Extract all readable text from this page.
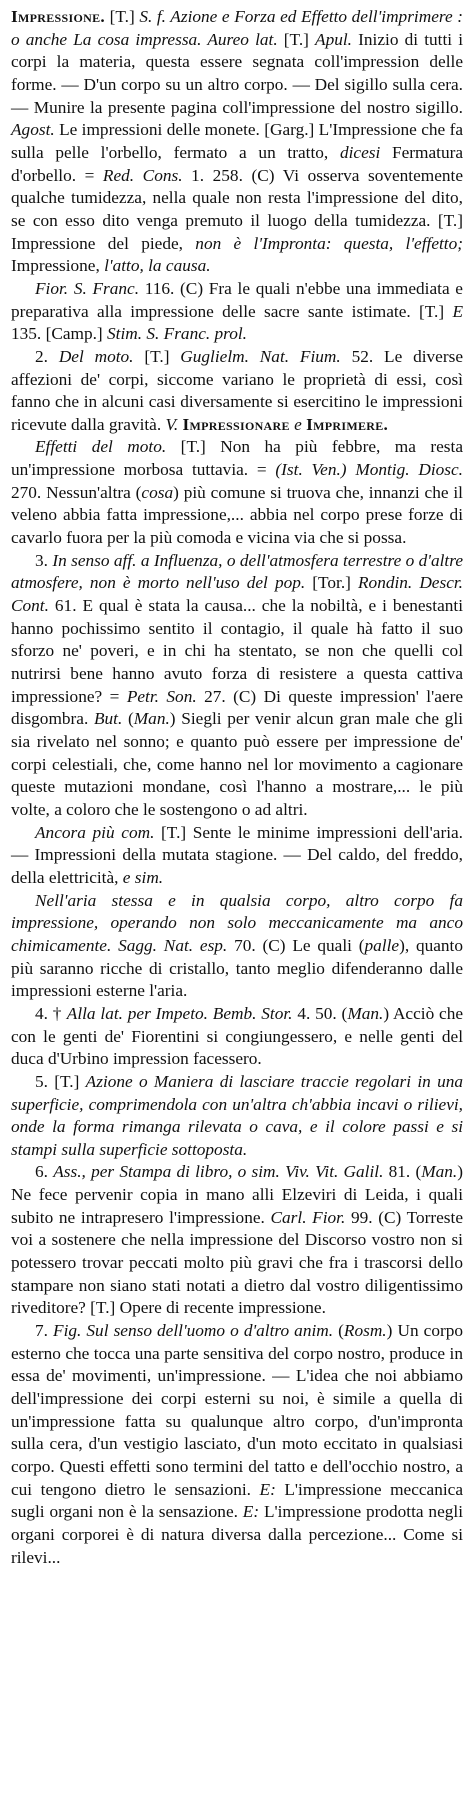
Impressione. [T.] S. f. Azione e Forza ed Effetto dell'imprimere : o anche La cosa impressa. Aureo lat. [T.] Apul. Inizio di tutti i corpi la materia, questa essere segnata coll'impression delle forme. — D'un corpo su un altro corpo. — Del sigillo sulla cera. — Munire la presente pagina coll'impressione del nostro sigillo. Agost. Le impressioni delle monete. [Garg.] L'Impressione che fa sulla pelle l'orbello, fermato a un tratto, dicesi Fermatura d'orbello. = Red. Cons. 1. 258. (C) Vi osserva soventemente qualche tumidezza, nella quale non resta l'impressione del dito, se con esso dito venga premuto il luogo della tumidezza. [T.] Impressione del piede, non è l'Impronta: questa, l'effetto; Impressione, l'atto, la causa.

Fior. S. Franc. 116. (C) Fra le quali n'ebbe una immediata e preparativa alla impressione delle sacre sante istimate. [T.] E 135. [Camp.] Stim. S. Franc. prol.

2. Del moto. [T.] Guglielm. Nat. Fium. 52. Le diverse affezioni de' corpi, siccome variano le proprietà di essi, così fanno che in alcuni casi diversamente si esercitino le impressioni ricevute dalla gravità. V. Impressionare e Imprimere.

Effetti del moto. [T.] Non ha più febbre, ma resta un'impressione morbosa tuttavia. = (Ist. Ven.) Montig. Diosc. 270. Nessun'altra (cosa) più comune si truova che, innanzi che il veleno abbia fatta impressione,... abbia nel corpo prese forze di cavarlo fuora per la più comoda e vicina via che si possa.

3. In senso aff. a Influenza, o dell'atmosfera terrestre o d'altre atmosfere, non è morto nell'uso del pop. [Tor.] Rondin. Descr. Cont. 61. E qual è stata la causa... che la nobiltà, e i benestanti hanno pochissimo sentito il contagio, il quale hà fatto il suo sforzo ne' poveri, e in chi ha stentato, se non che quelli col nutrirsi bene hanno avuto forza di resistere a questa cattiva impressione? = Petr. Son. 27. (C) Di queste impression' l'aere disgombra. But. (Man.) Siegli per venir alcun gran male che gli sia rivelato nel sonno; e quanto può essere per impressione de' corpi celestiali, che, come hanno nel lor movimento a cagionare queste mutazioni mondane, così l'hanno a mostrare,... le più volte, a coloro che le sostengono o ad altri.

Ancora più com. [T.] Sente le minime impressioni dell'aria. — Impressioni della mutata stagione. — Del caldo, del freddo, della elettricità, e sim.

Nell'aria stessa e in qualsia corpo, altro corpo fa impressione, operando non solo meccanicamente ma anco chimicamente. Sagg. Nat. esp. 70. (C) Le quali (palle), quanto più saranno ricche di cristallo, tanto meglio difenderanno dalle impressioni esterne l'aria.

4. † Alla lat. per Impeto. Bemb. Stor. 4. 50. (Man.) Acciò che con le genti de' Fiorentini si congiungessero, e nelle genti del duca d'Urbino impression facessero.

5. [T.] Azione o Maniera di lasciare traccie regolari in una superficie, comprimendola con un'altra ch'abbia incavi o rilievi, onde la forma rimanga rilevata o cava, e il colore passi e si stampi sulla superficie sottoposta.

6. Ass., per Stampa di libro, o sim. Viv. Vit. Galil. 81. (Man.) Ne fece pervenir copia in mano alli Elzeviri di Leida, i quali subito ne intrapresero l'impressione. Carl. Fior. 99. (C) Torreste voi a sostenere che nella impressione del Discorso vostro non si potessero trovar peccati molto più gravi che fra i trascorsi dello stampare non siano stati notati a dietro dal vostro diligentissimo riveditore? [T.] Opere di recente impressione.

7. Fig. Sul senso dell'uomo o d'altro anim. (Rosm.) Un corpo esterno che tocca una parte sensitiva del corpo nostro, produce in essa de' movimenti, un'impressione. — L'idea che noi abbiamo dell'impressione dei corpi esterni su noi, è simile a quella di un'impressione fatta su qualunque altro corpo, d'un'impronta sulla cera, d'un vestigio lasciato, d'un moto eccitato in qualsiasi corpo. Questi effetti sono termini del tatto e dell'occhio nostro, a cui tengono dietro le sensazioni. E: L'impressione meccanica sugli organi non è la sensazione. E: L'impressione prodotta negli organi corporei è di natura diversa dalla percezione... Come si rilevi...
